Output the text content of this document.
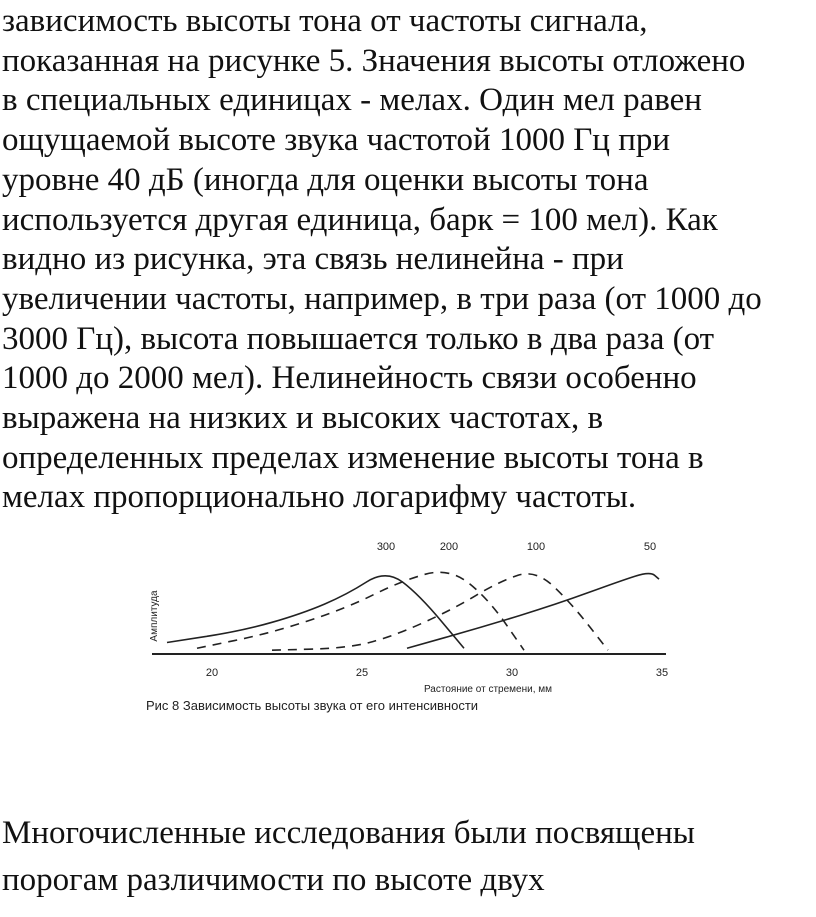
зависимость высоты тона от частоты сигнала,
показанная на рисунке 5. Значения высоты отложено
в специальных единицах - мелах. Один мел равен
ощущаемой высоте звука частотой 1000 Гц при
уровне 40 дБ (иногда для оценки высоты тона
используется другая единица, барк = 100 мел). Как
видно из рисунка, эта связь нелинейна - при
увеличении частоты, например, в три раза (от 1000 до
3000 Гц), высота повышается только в два раза (от
1000 до 2000 мел). Нелинейность связи особенно
выражена на низких и высоких частотах, в
определенных пределах изменение высоты тона в
мелах пропорционально логарифму частоты.
Амплитуда
20	25	30	35
Растояние от стремени, мм
300	200	100	50
Рис 8 Зависимость высоты звука от его интенсивности
Многочисленные исследования были посвящены
порогам различимости по высоте двух
